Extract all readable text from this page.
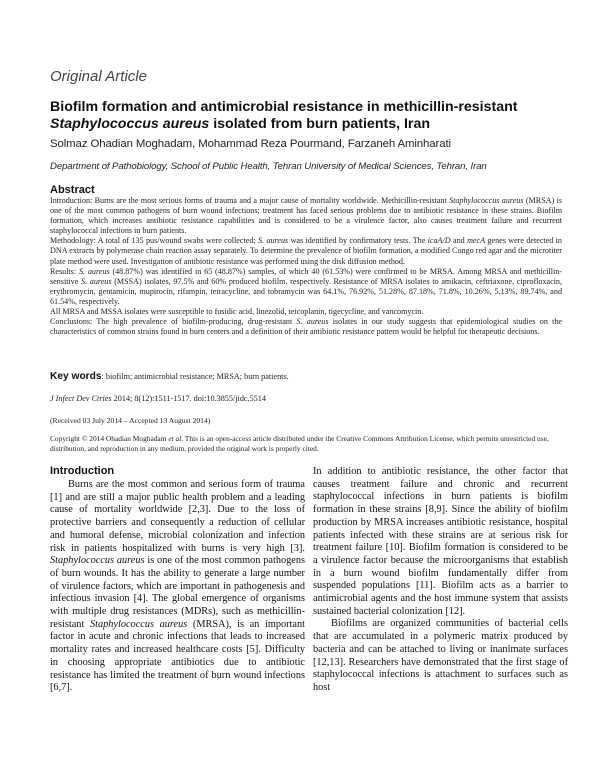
Original Article
Biofilm formation and antimicrobial resistance in methicillin-resistant
Staphylococcus aureus isolated from burn patients, Iran
Solmaz Ohadian Moghadam, Mohammad Reza Pourmand, Farzaneh Aminharati
Department of Pathobiology, School of Public Health, Tehran University of Medical Sciences, Tehran, Iran
Abstract

Introduction: Burns are the most serious forms of trauma and a major cause of mortality worldwide. Methicillin-resistant Staphylococcus aureus (MRSA) is one of the most common pathogens of burn wound infections; treatment has faced serious problems due to antibiotic resistance in these strains. Biofilm formation, which increases antibiotic resistance capabilities and is considered to be a virulence factor, also causes treatment failure and recurrent staphylococcal infections in burn patients.

Methodology: A total of 135 pus/wound swabs were collected; S. aureus was identified by confirmatory tests. The icaA/D and mecA genes were detected in DNA extracts by polymerase chain reaction assay separately. To determine the prevalence of biofilm formation, a modified Congo red agar and the microtiter plate method were used. Investigation of antibiotic resistance was performed using the disk diffusion method.

Results: S. aureus (48.87%) was identified in 65 (48.87%) samples, of which 40 (61.53%) were confirmed to be MRSA. Among MRSA and methicillin-sensitive S. aureus (MSSA) isolates, 97.5% and 60% produced biofilm, respectively. Resistance of MRSA isolates to amikacin, ceftriaxone, ciprofloxacin, erythromycin, gentamicin, mupirocin, rifampin, tetracycline, and tobramycin was 64.1%, 76.92%, 51.28%, 87.18%, 71.8%, 10.26%, 5.13%, 89.74%, and 61.54%, respectively.

All MRSA and MSSA isolates were susceptible to fusidic acid, linezolid, teicoplanin, tigecycline, and vancomycin.

Conclusions: The high prevalence of biofilm-producing, drug-resistant S. aureus isolates in our study suggests that epidemiological studies on the characteristics of common strains found in burn centers and a definition of their antibiotic resistance pattern would be helpful for therapeutic decisions.

Key words: biofilm; antimicrobial resistance; MRSA; burn patients.
J Infect Dev Ctries 2014; 8(12):1511-1517. doi:10.3855/jidc.5514
(Received 03 July 2014 – Accepted 13 August 2014)
Copyright © 2014 Ohadian Moghadam et al. This is an open-access article distributed under the Creative Commons Attribution License, which permits unrestricted use, distribution, and reproduction in any medium, provided the original work is properly cited.
Introduction

Burns are the most common and serious form of trauma [1] and are still a major public health problem and a leading cause of mortality worldwide [2,3]. Due to the loss of protective barriers and consequently a reduction of cellular and humoral defense, microbial colonization and infection risk in patients hospitalized with burns is very high [3]. Staphylococcus aureus is one of the most common pathogens of burn wounds. It has the ability to generate a large number of virulence factors, which are important in pathogenesis and infectious invasion [4]. The global emergence of organisms with multiple drug resistances (MDRs), such as methicillin-resistant Staphylococcus aureus (MRSA), is an important factor in acute and chronic infections that leads to increased mortality rates and increased healthcare costs [5]. Difficulty in choosing appropriate antibiotics due to antibiotic resistance has limited the treatment of burn wound infections [6,7].

In addition to antibiotic resistance, the other factor that causes treatment failure and chronic and recurrent staphylococcal infections in burn patients is biofilm formation in these strains [8,9]. Since the ability of biofilm production by MRSA increases antibiotic resistance, hospital patients infected with these strains are at serious risk for treatment failure [10]. Biofilm formation is considered to be a virulence factor because the microorganisms that establish in a burn wound biofilm fundamentally differ from suspended populations [11]. Biofilm acts as a barrier to antimicrobial agents and the host immune system that assists sustained bacterial colonization [12].

Biofilms are organized communities of bacterial cells that are accumulated in a polymeric matrix produced by bacteria and can be attached to living or inanimate surfaces [12,13]. Researchers have demonstrated that the first stage of staphylococcal infections is attachment to surfaces such as host
